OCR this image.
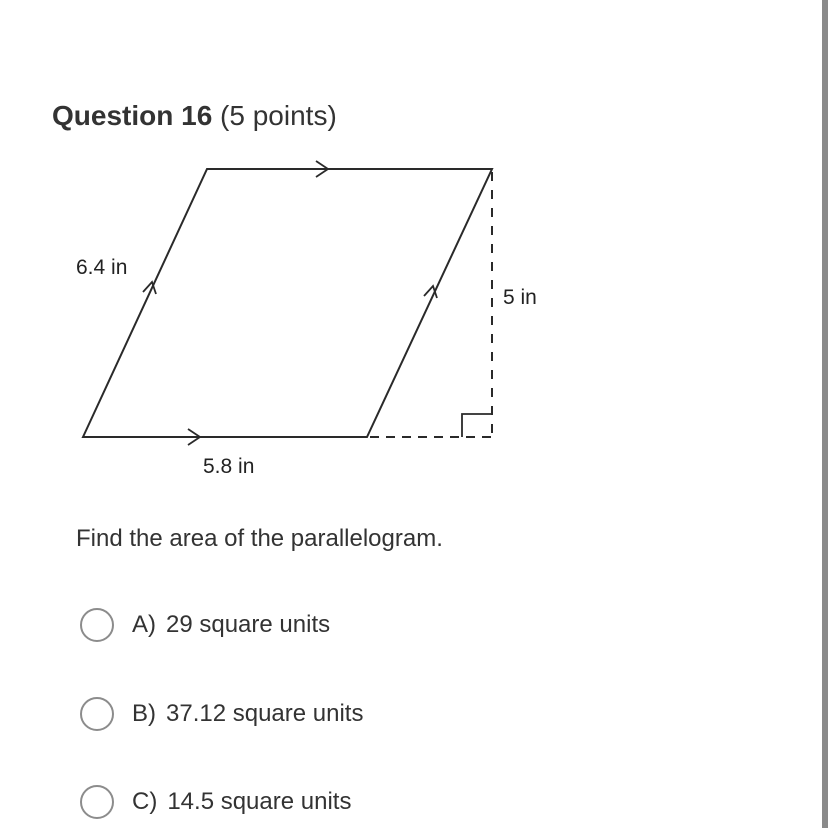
Question 16 (5 points)
6.4 in
5.8 in
5 in
Find the area of the parallelogram.
A) 29 square units
B) 37.12 square units
C) 14.5 square units
